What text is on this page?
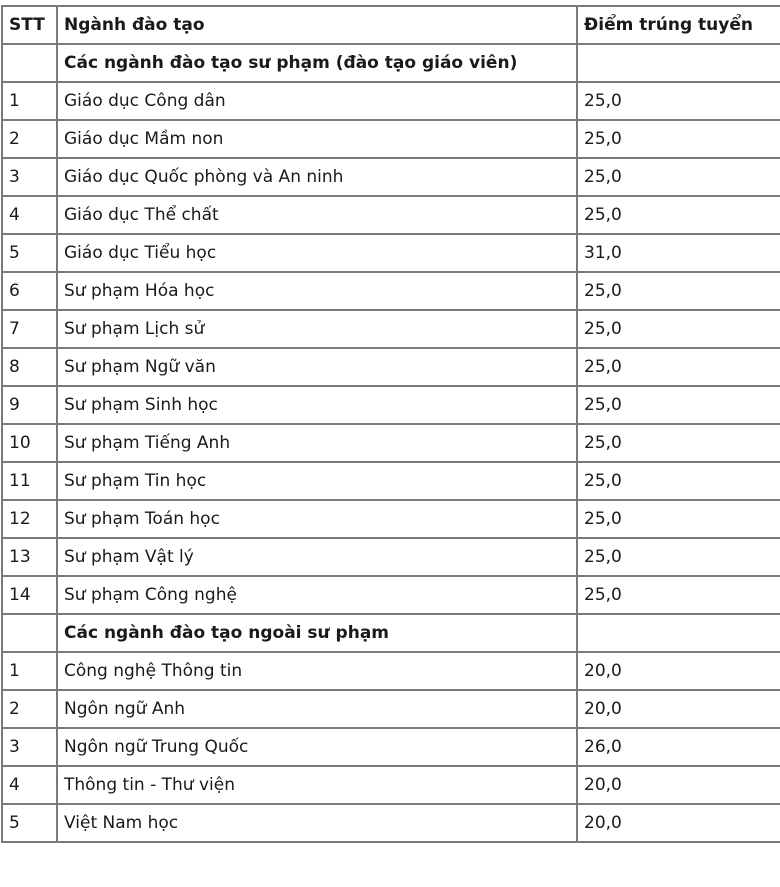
STT	Ngành đào tạo	Điểm trúng tuyển
	Các ngành đào tạo sư phạm (đào tạo giáo viên)	
1	Giáo dục Công dân	25,0
2	Giáo dục Mầm non	25,0
3	Giáo dục Quốc phòng và An ninh	25,0
4	Giáo dục Thể chất	25,0
5	Giáo dục Tiểu học	31,0
6	Sư phạm Hóa học	25,0
7	Sư phạm Lịch sử	25,0
8	Sư phạm Ngữ văn	25,0
9	Sư phạm Sinh học	25,0
10	Sư phạm Tiếng Anh	25,0
11	Sư phạm Tin học	25,0
12	Sư phạm Toán học	25,0
13	Sư phạm Vật lý	25,0
14	Sư phạm Công nghệ	25,0
	Các ngành đào tạo ngoài sư phạm	
1	Công nghệ Thông tin	20,0
2	Ngôn ngữ Anh	20,0
3	Ngôn ngữ Trung Quốc	26,0
4	Thông tin - Thư viện	20,0
5	Việt Nam học	20,0
